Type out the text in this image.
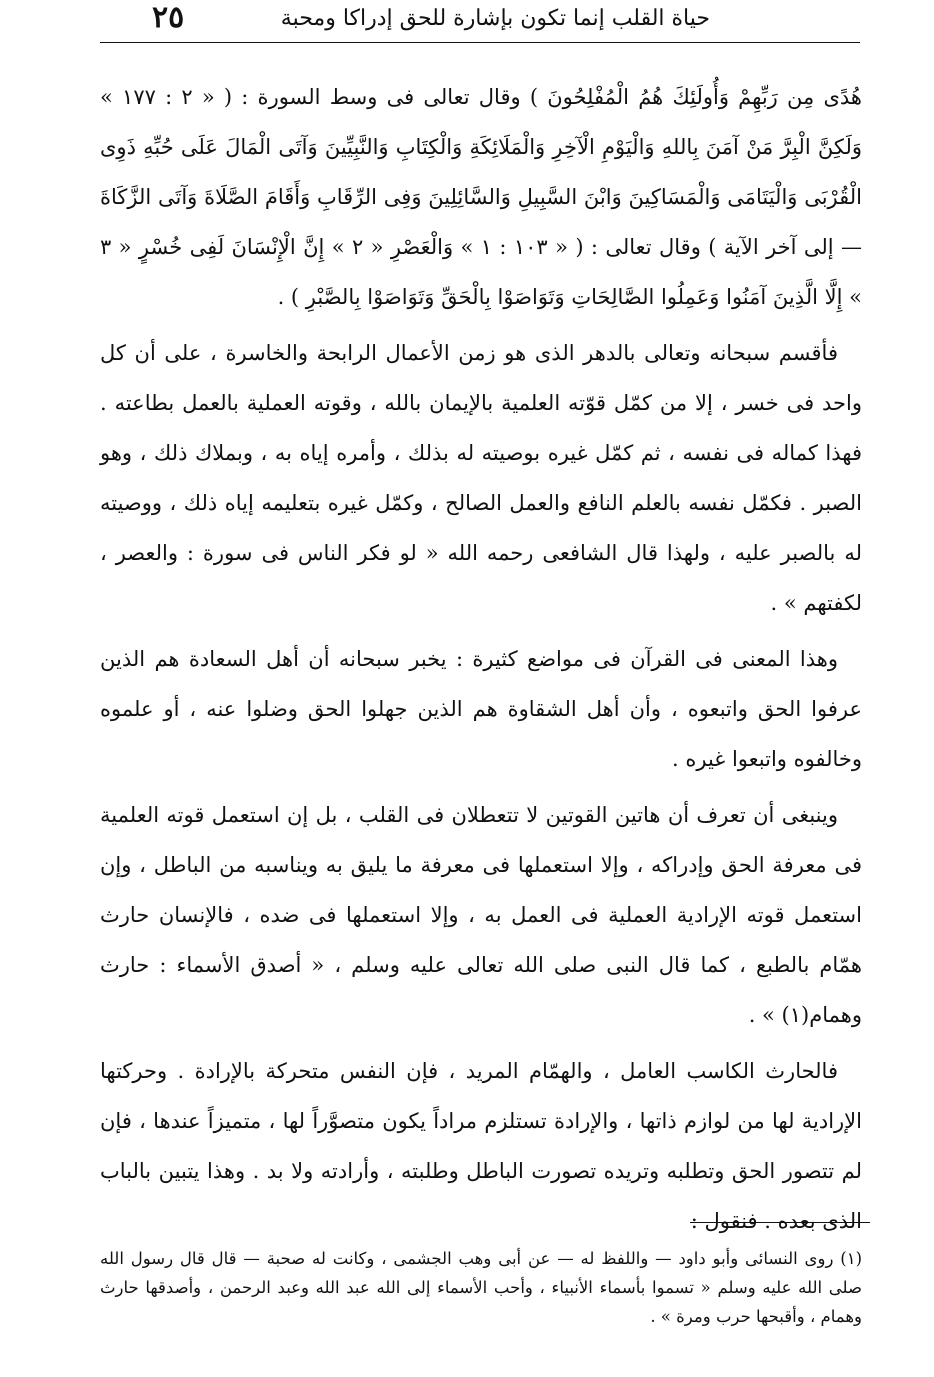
حياة القلب إنما تكون بإشارة للحق إدراكا ومحبة
٢٥

هُدًى مِن رَبِّهِمْ وَأُولَئِكَ هُمُ الْمُفْلِحُونَ ) وقال تعالى فى وسط السورة : ( « ٢ : ١٧٧ » وَلَكِنَّ الْبِرَّ مَنْ آمَنَ بِاللهِ وَالْيَوْمِ الْآخِرِ وَالْمَلَائِكَةِ وَالْكِتَابِ وَالنَّبِيِّينَ وَآتَى الْمَالَ عَلَى حُبِّهِ ذَوِى الْقُرْبَى وَالْيَتَامَى وَالْمَسَاكِينَ وَابْنَ السَّبِيلِ وَالسَّائِلِينَ وَفِى الرِّقَابِ وَأَقَامَ الصَّلَاةَ وَآتَى الزَّكَاةَ — إلى آخر الآية ) وقال تعالى : ( « ١٠٣ : ١ » وَالْعَصْرِ « ٢ » إِنَّ الْإِنْسَانَ لَفِى خُسْرٍ « ٣ » إِلَّا الَّذِينَ آمَنُوا وَعَمِلُوا الصَّالِحَاتِ وَتَوَاصَوْا بِالْحَقِّ وَتَوَاصَوْا بِالصَّبْرِ ) .

فأقسم سبحانه وتعالى بالدهر الذى هو زمن الأعمال الرابحة والخاسرة ، على أن كل واحد فى خسر ، إلا من كمّل قوّته العلمية بالإيمان بالله ، وقوته العملية بالعمل بطاعته . فهذا كماله فى نفسه ، ثم كمّل غيره بوصيته له بذلك ، وأمره إياه به ، وبملاك ذلك ، وهو الصبر . فكمّل نفسه بالعلم النافع والعمل الصالح ، وكمّل غيره بتعليمه إياه ذلك ، ووصيته له بالصبر عليه ، ولهذا قال الشافعى رحمه الله « لو فكر الناس فى سورة : والعصر ، لكفتهم » .

وهذا المعنى فى القرآن فى مواضع كثيرة : يخبر سبحانه أن أهل السعادة هم الذين عرفوا الحق واتبعوه ، وأن أهل الشقاوة هم الذين جهلوا الحق وضلوا عنه ، أو علموه وخالفوه واتبعوا غيره .

وينبغى أن تعرف أن هاتين القوتين لا تتعطلان فى القلب ، بل إن استعمل قوته العلمية فى معرفة الحق وإدراكه ، وإلا استعملها فى معرفة ما يليق به ويناسبه من الباطل ، وإن استعمل قوته الإرادية العملية فى العمل به ، وإلا استعملها فى ضده ، فالإنسان حارث همّام بالطبع ، كما قال النبى صلى الله تعالى عليه وسلم ، « أصدق الأسماء : حارث وهمام(١) » .

فالحارث الكاسب العامل ، والهمّام المريد ، فإن النفس متحركة بالإرادة . وحركتها الإرادية لها من لوازم ذاتها ، والإرادة تستلزم مراداً يكون متصوَّراً لها ، متميزاً عندها ، فإن لم تتصور الحق وتطلبه وتريده تصورت الباطل وطلبته ، وأرادته ولا بد . وهذا يتبين بالباب الذى بعده . فنقول :

(١) روى النسائى وأبو داود — واللفظ له — عن أبى وهب الجشمى ، وكانت له صحبة — قال قال رسول الله صلى الله عليه وسلم « تسموا بأسماء الأنبياء ، وأحب الأسماء إلى الله عبد الله وعبد الرحمن ، وأصدقها حارث وهمام ، وأقبحها حرب ومرة » .
